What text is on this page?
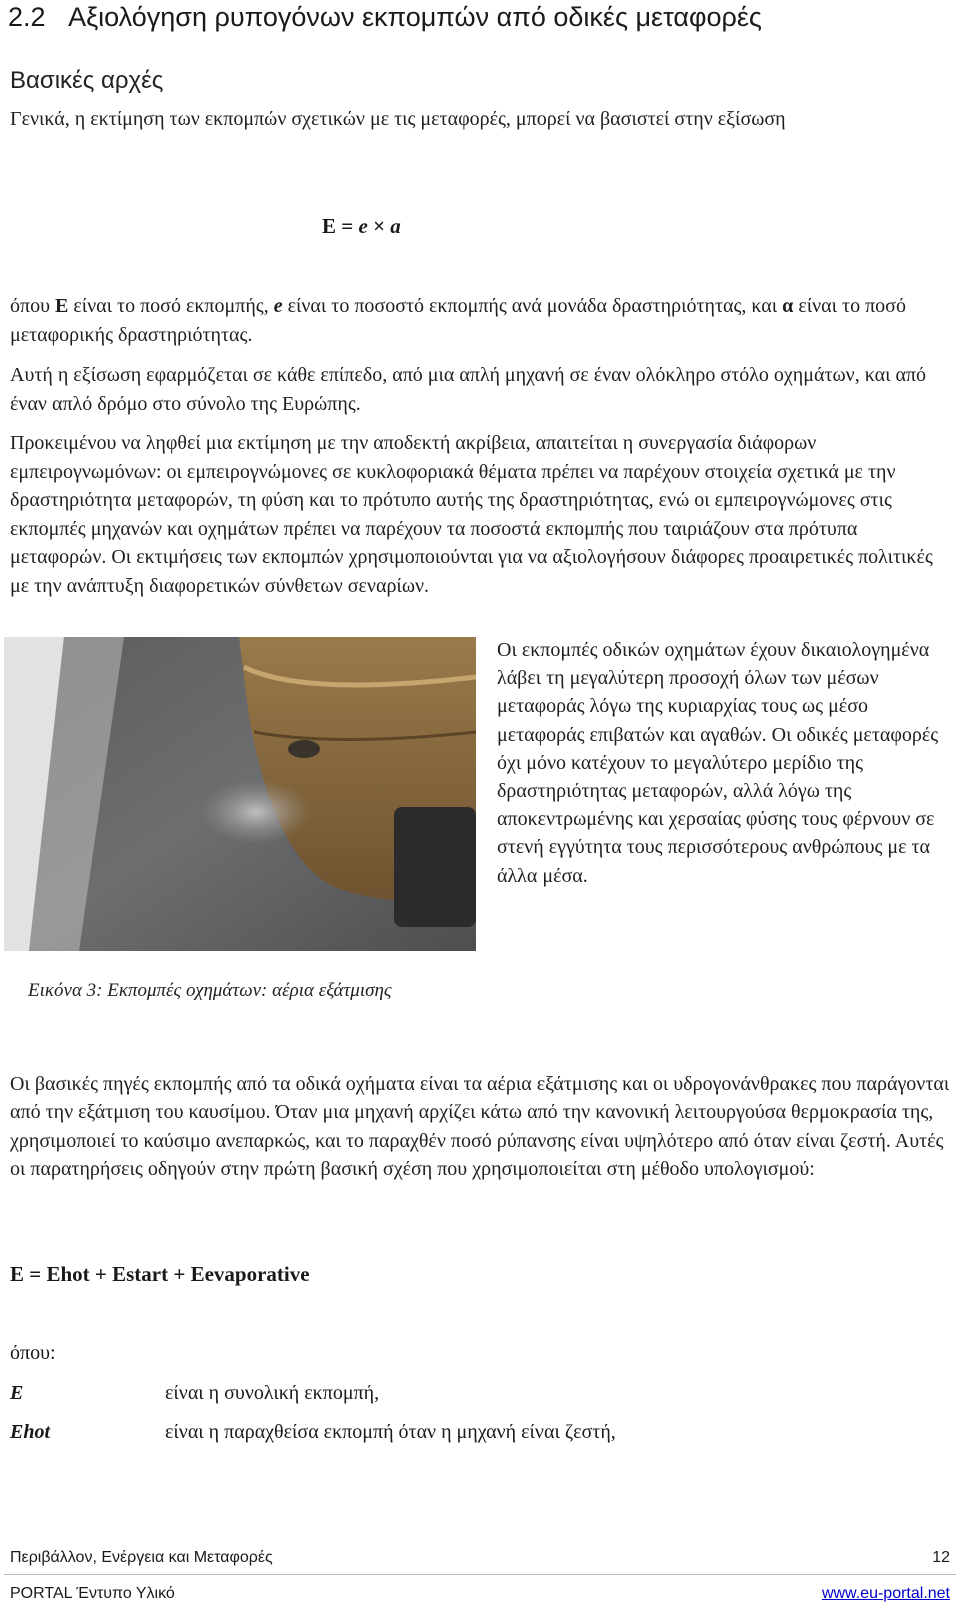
2.2 Αξιολόγηση ρυπογόνων εκπομπών από οδικές μεταφορές
Βασικές αρχές
Γενικά, η εκτίμηση των εκπομπών σχετικών με τις μεταφορές, μπορεί να βασιστεί στην εξίσωση
E = e × a
όπου E είναι το ποσό εκπομπής, e είναι το ποσοστό εκπομπής ανά μονάδα δραστηριότητας, και α είναι το ποσό μεταφορικής δραστηριότητας.
Αυτή η εξίσωση εφαρμόζεται σε κάθε επίπεδο, από μια απλή μηχανή σε έναν ολόκληρο στόλο οχημάτων, και από έναν απλό δρόμο στο σύνολο της Ευρώπης.
Προκειμένου να ληφθεί μια εκτίμηση με την αποδεκτή ακρίβεια, απαιτείται η συνεργασία διάφορων εμπειρογνωμόνων: οι εμπειρογνώμονες σε κυκλοφοριακά θέματα πρέπει να παρέχουν στοιχεία σχετικά με την δραστηριότητα μεταφορών, τη φύση και το πρότυπο αυτής της δραστηριότητας, ενώ οι εμπειρογνώμονες στις εκπομπές μηχανών και οχημάτων πρέπει να παρέχουν τα ποσοστά εκπομπής που ταιριάζουν στα πρότυπα μεταφορών. Οι εκτιμήσεις των εκπομπών χρησιμοποιούνται για να αξιολογήσουν διάφορες προαιρετικές πολιτικές με την ανάπτυξη διαφορετικών σύνθετων σεναρίων.
Οι εκπομπές οδικών οχημάτων έχουν δικαιολογημένα λάβει τη μεγαλύτερη προσοχή όλων των μέσων μεταφοράς λόγω της κυριαρχίας τους ως μέσο μεταφοράς επιβατών και αγαθών. Οι οδικές μεταφορές όχι μόνο κατέχουν το μεγαλύτερο μερίδιο της δραστηριότητας μεταφορών, αλλά λόγω της αποκεντρωμένης και χερσαίας φύσης τους φέρνουν σε στενή εγγύτητα τους περισσότερους ανθρώπους με τα άλλα μέσα.
Εικόνα 3: Εκπομπές οχημάτων: αέρια εξάτμισης
Οι βασικές πηγές εκπομπής από τα οδικά οχήματα είναι τα αέρια εξάτμισης και οι υδρογονάνθρακες που παράγονται από την εξάτμιση του καυσίμου. Όταν μια μηχανή αρχίζει κάτω από την κανονική λειτουργούσα θερμοκρασία της, χρησιμοποιεί το καύσιμο ανεπαρκώς, και το παραχθέν ποσό ρύπανσης είναι υψηλότερο από όταν είναι ζεστή. Αυτές οι παρατηρήσεις οδηγούν στην πρώτη βασική σχέση που χρησιμοποιείται στη μέθοδο υπολογισμού:
E = Ehot + Estart + Eevaporative
όπου:
E	είναι η συνολική εκπομπή,
Ehot	είναι η παραχθείσα εκπομπή όταν η μηχανή είναι ζεστή,
Περιβάλλον, Ενέργεια και Μεταφορές	12
PORTAL Έντυπο Υλικό	www.eu-portal.net
